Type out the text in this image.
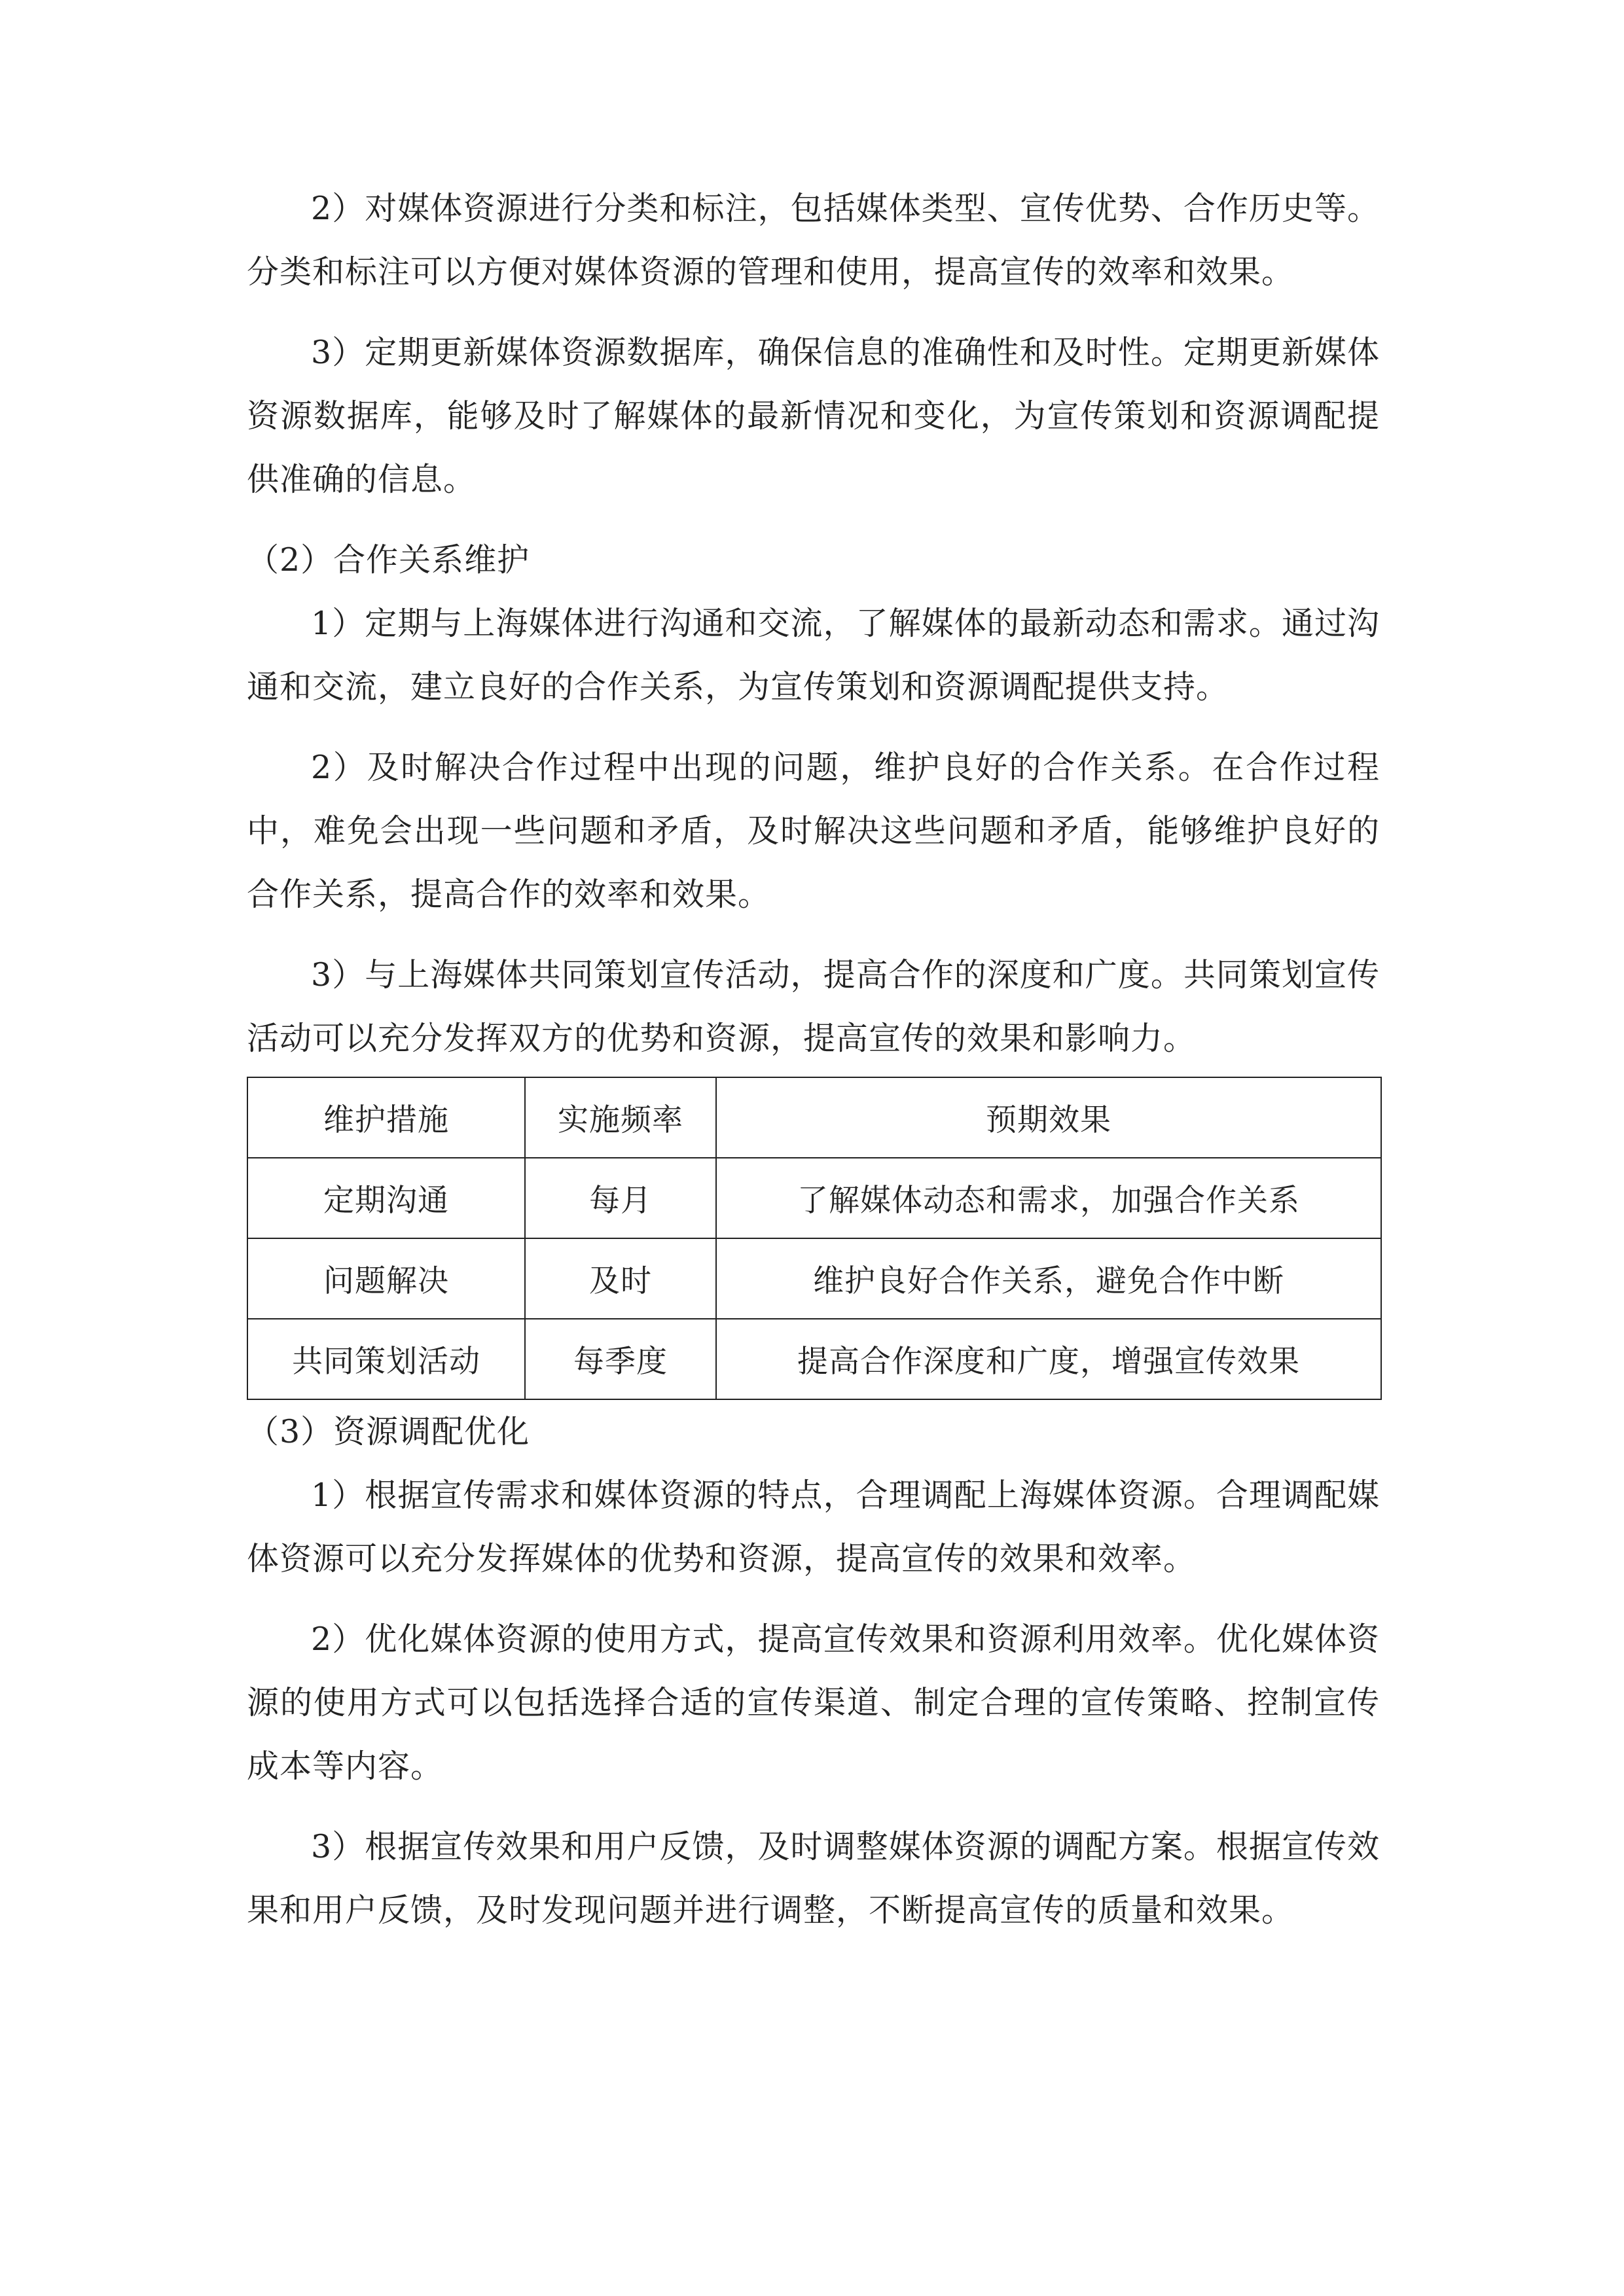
2）对媒体资源进行分类和标注，包括媒体类型、宣传优势、合作历史等。分类和标注可以方便对媒体资源的管理和使用，提高宣传的效率和效果。

3）定期更新媒体资源数据库，确保信息的准确性和及时性。定期更新媒体资源数据库，能够及时了解媒体的最新情况和变化，为宣传策划和资源调配提供准确的信息。

（2）合作关系维护

1）定期与上海媒体进行沟通和交流，了解媒体的最新动态和需求。通过沟通和交流，建立良好的合作关系，为宣传策划和资源调配提供支持。

2）及时解决合作过程中出现的问题，维护良好的合作关系。在合作过程中，难免会出现一些问题和矛盾，及时解决这些问题和矛盾，能够维护良好的合作关系，提高合作的效率和效果。

3）与上海媒体共同策划宣传活动，提高合作的深度和广度。共同策划宣传活动可以充分发挥双方的优势和资源，提高宣传的效果和影响力。

维护措施	实施频率	预期效果
定期沟通	每月	了解媒体动态和需求，加强合作关系
问题解决	及时	维护良好合作关系，避免合作中断
共同策划活动	每季度	提高合作深度和广度，增强宣传效果

（3）资源调配优化

1）根据宣传需求和媒体资源的特点，合理调配上海媒体资源。合理调配媒体资源可以充分发挥媒体的优势和资源，提高宣传的效果和效率。

2）优化媒体资源的使用方式，提高宣传效果和资源利用效率。优化媒体资源的使用方式可以包括选择合适的宣传渠道、制定合理的宣传策略、控制宣传成本等内容。

3）根据宣传效果和用户反馈，及时调整媒体资源的调配方案。根据宣传效果和用户反馈，及时发现问题并进行调整，不断提高宣传的质量和效果。
